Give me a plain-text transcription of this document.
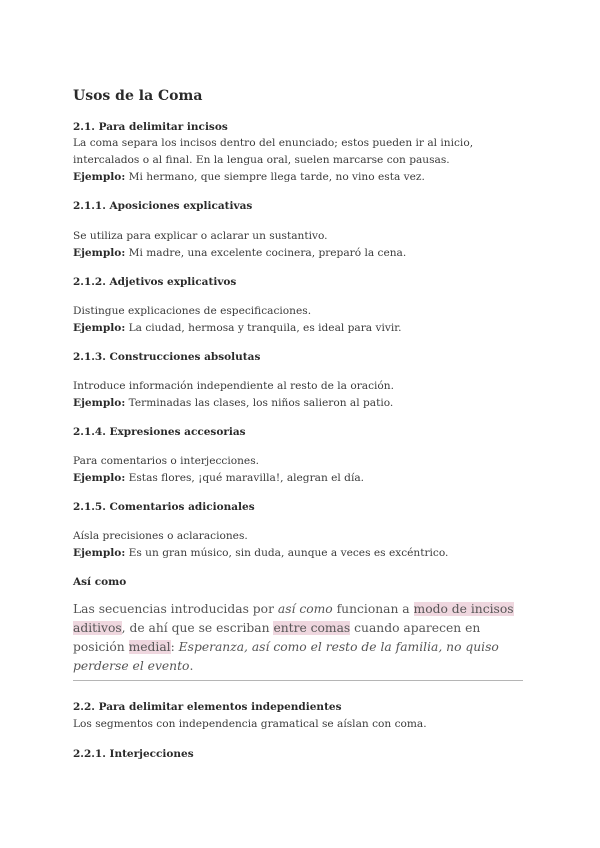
Usos de la Coma
2.1. Para delimitar incisos
La coma separa los incisos dentro del enunciado; estos pueden ir al inicio, intercalados o al final. En la lengua oral, suelen marcarse con pausas.
Ejemplo: Mi hermano, que siempre llega tarde, no vino esta vez.
2.1.1. Aposiciones explicativas
Se utiliza para explicar o aclarar un sustantivo.
Ejemplo: Mi madre, una excelente cocinera, preparó la cena.
2.1.2. Adjetivos explicativos
Distingue explicaciones de especificaciones.
Ejemplo: La ciudad, hermosa y tranquila, es ideal para vivir.
2.1.3. Construcciones absolutas
Introduce información independiente al resto de la oración.
Ejemplo: Terminadas las clases, los niños salieron al patio.
2.1.4. Expresiones accesorias
Para comentarios o interjecciones.
Ejemplo: Estas flores, ¡qué maravilla!, alegran el día.
2.1.5. Comentarios adicionales
Aísla precisiones o aclaraciones.
Ejemplo: Es un gran músico, sin duda, aunque a veces es excéntrico.
Así como
Las secuencias introducidas por así como funcionan a modo de incisos aditivos, de ahí que se escriban entre comas cuando aparecen en posición medial: Esperanza, así como el resto de la familia, no quiso perderse el evento.
2.2. Para delimitar elementos independientes
Los segmentos con independencia gramatical se aíslan con coma.
2.2.1. Interjecciones
